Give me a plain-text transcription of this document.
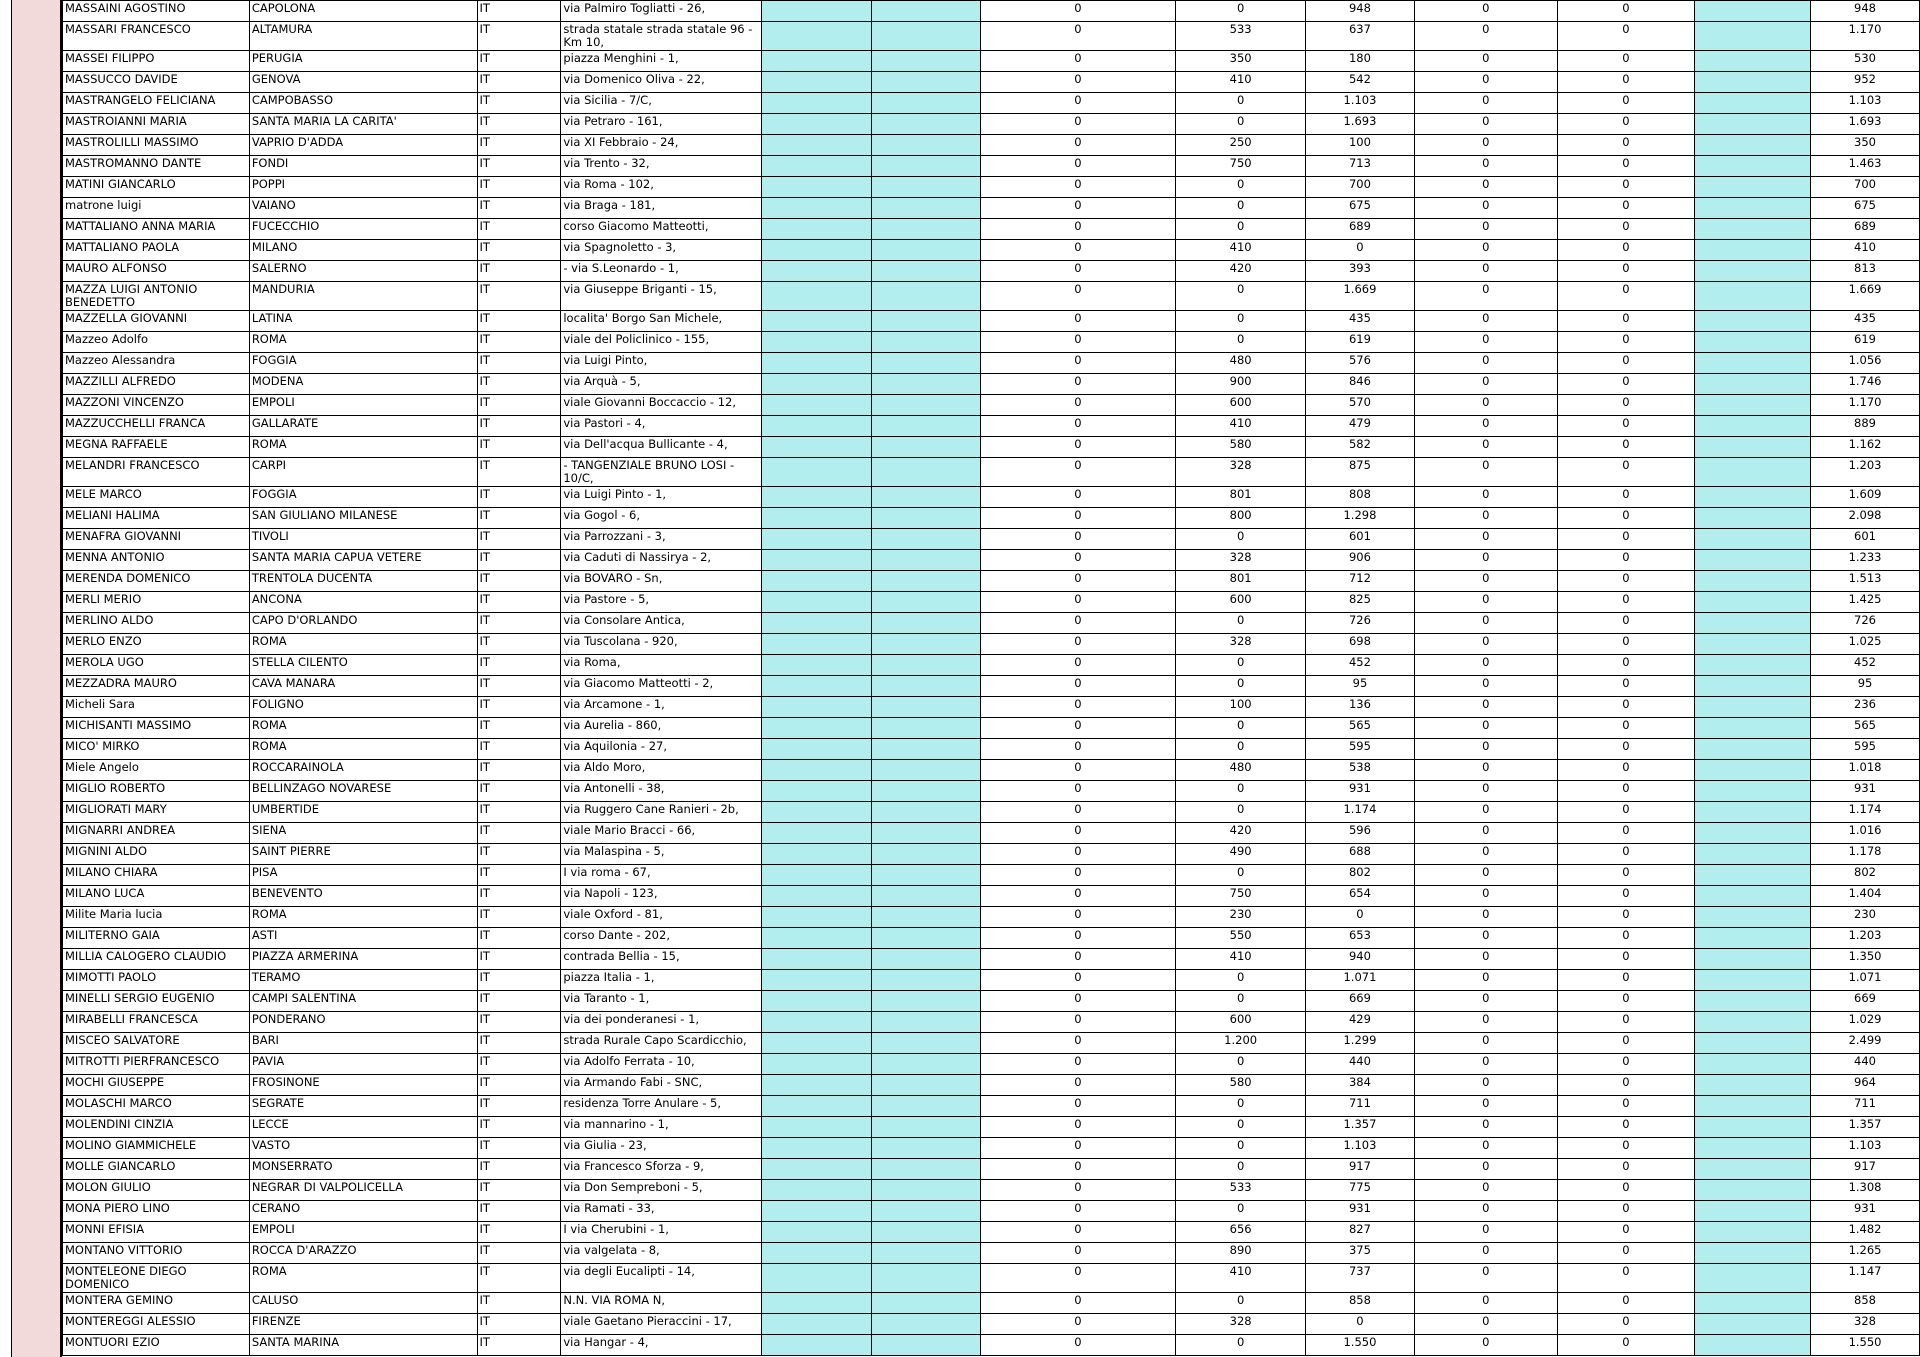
MASSAINI AGOSTINO	CAPOLONA	IT	via Palmiro Togliatti - 26,			0	0	948	0	0		948
MASSARI FRANCESCO	ALTAMURA	IT	strada statale strada statale 96 - Km 10,			0	533	637	0	0		1.170
MASSEI FILIPPO	PERUGIA	IT	piazza Menghini - 1,			0	350	180	0	0		530
MASSUCCO DAVIDE	GENOVA	IT	via Domenico Oliva - 22,			0	410	542	0	0		952
MASTRANGELO FELICIANA	CAMPOBASSO	IT	via Sicilia - 7/C,			0	0	1.103	0	0		1.103
MASTROIANNI MARIA	SANTA MARIA LA CARITA'	IT	via Petraro - 161,			0	0	1.693	0	0		1.693
MASTROLILLI MASSIMO	VAPRIO D'ADDA	IT	via XI Febbraio - 24,			0	250	100	0	0		350
MASTROMANNO DANTE	FONDI	IT	via Trento - 32,			0	750	713	0	0		1.463
MATINI GIANCARLO	POPPI	IT	via Roma - 102,			0	0	700	0	0		700
matrone luigi	VAIANO	IT	via Braga - 181,			0	0	675	0	0		675
MATTALIANO ANNA MARIA	FUCECCHIO	IT	corso Giacomo Matteotti,			0	0	689	0	0		689
MATTALIANO PAOLA	MILANO	IT	via Spagnoletto - 3,			0	410	0	0	0		410
MAURO ALFONSO	SALERNO	IT	- via S.Leonardo - 1,			0	420	393	0	0		813
MAZZA LUIGI ANTONIO BENEDETTO	MANDURIA	IT	via Giuseppe Briganti - 15,			0	0	1.669	0	0		1.669
MAZZELLA GIOVANNI	LATINA	IT	localita' Borgo San Michele,			0	0	435	0	0		435
Mazzeo Adolfo	ROMA	IT	viale del Policlinico - 155,			0	0	619	0	0		619
Mazzeo Alessandra	FOGGIA	IT	via Luigi Pinto,			0	480	576	0	0		1.056
MAZZILLI ALFREDO	MODENA	IT	via Arquà - 5,			0	900	846	0	0		1.746
MAZZONI VINCENZO	EMPOLI	IT	viale Giovanni Boccaccio - 12,			0	600	570	0	0		1.170
MAZZUCCHELLI FRANCA	GALLARATE	IT	via Pastori - 4,			0	410	479	0	0		889
MEGNA RAFFAELE	ROMA	IT	via Dell'acqua Bullicante - 4,			0	580	582	0	0		1.162
MELANDRI FRANCESCO	CARPI	IT	- TANGENZIALE BRUNO LOSI - 10/C,			0	328	875	0	0		1.203
MELE MARCO	FOGGIA	IT	via Luigi Pinto - 1,			0	801	808	0	0		1.609
MELIANI HALIMA	SAN GIULIANO MILANESE	IT	via Gogol - 6,			0	800	1.298	0	0		2.098
MENAFRA GIOVANNI	TIVOLI	IT	via Parrozzani - 3,			0	0	601	0	0		601
MENNA ANTONIO	SANTA MARIA CAPUA VETERE	IT	via Caduti di Nassirya - 2,			0	328	906	0	0		1.233
MERENDA DOMENICO	TRENTOLA DUCENTA	IT	via BOVARO - Sn,			0	801	712	0	0		1.513
MERLI MERIO	ANCONA	IT	via Pastore - 5,			0	600	825	0	0		1.425
MERLINO ALDO	CAPO D'ORLANDO	IT	via Consolare Antica,			0	0	726	0	0		726
MERLO ENZO	ROMA	IT	via Tuscolana - 920,			0	328	698	0	0		1.025
MEROLA UGO	STELLA CILENTO	IT	via Roma,			0	0	452	0	0		452
MEZZADRA MAURO	CAVA MANARA	IT	via Giacomo Matteotti - 2,			0	0	95	0	0		95
Micheli Sara	FOLIGNO	IT	via Arcamone - 1,			0	100	136	0	0		236
MICHISANTI MASSIMO	ROMA	IT	via Aurelia - 860,			0	0	565	0	0		565
MICO' MIRKO	ROMA	IT	via Aquilonia - 27,			0	0	595	0	0		595
Miele Angelo	ROCCARAINOLA	IT	via Aldo Moro,			0	480	538	0	0		1.018
MIGLIO ROBERTO	BELLINZAGO NOVARESE	IT	via Antonelli - 38,			0	0	931	0	0		931
MIGLIORATI MARY	UMBERTIDE	IT	via Ruggero Cane Ranieri - 2b,			0	0	1.174	0	0		1.174
MIGNARRI ANDREA	SIENA	IT	viale Mario Bracci - 66,			0	420	596	0	0		1.016
MIGNINI ALDO	SAINT PIERRE	IT	via Malaspina - 5,			0	490	688	0	0		1.178
MILANO CHIARA	PISA	IT	I via roma - 67,			0	0	802	0	0		802
MILANO LUCA	BENEVENTO	IT	via Napoli - 123,			0	750	654	0	0		1.404
Milite Maria lucia	ROMA	IT	viale Oxford - 81,			0	230	0	0	0		230
MILITERNO GAIA	ASTI	IT	corso Dante - 202,			0	550	653	0	0		1.203
MILLIA CALOGERO CLAUDIO	PIAZZA ARMERINA	IT	contrada Bellia - 15,			0	410	940	0	0		1.350
MIMOTTI PAOLO	TERAMO	IT	piazza Italia - 1,			0	0	1.071	0	0		1.071
MINELLI SERGIO EUGENIO	CAMPI SALENTINA	IT	via Taranto - 1,			0	0	669	0	0		669
MIRABELLI FRANCESCA	PONDERANO	IT	via dei ponderanesi - 1,			0	600	429	0	0		1.029
MISCEO SALVATORE	BARI	IT	strada Rurale Capo Scardicchio,			0	1.200	1.299	0	0		2.499
MITROTTI PIERFRANCESCO	PAVIA	IT	via Adolfo Ferrata - 10,			0	0	440	0	0		440
MOCHI GIUSEPPE	FROSINONE	IT	via Armando Fabi - SNC,			0	580	384	0	0		964
MOLASCHI MARCO	SEGRATE	IT	residenza Torre Anulare - 5,			0	0	711	0	0		711
MOLENDINI CINZIA	LECCE	IT	via mannarino - 1,			0	0	1.357	0	0		1.357
MOLINO GIAMMICHELE	VASTO	IT	via Giulia - 23,			0	0	1.103	0	0		1.103
MOLLE GIANCARLO	MONSERRATO	IT	via Francesco Sforza - 9,			0	0	917	0	0		917
MOLON GIULIO	NEGRAR DI VALPOLICELLA	IT	via Don Sempreboni - 5,			0	533	775	0	0		1.308
MONA PIERO LINO	CERANO	IT	via Ramati - 33,			0	0	931	0	0		931
MONNI EFISIA	EMPOLI	IT	I via Cherubini - 1,			0	656	827	0	0		1.482
MONTANO VITTORIO	ROCCA D'ARAZZO	IT	via valgelata - 8,			0	890	375	0	0		1.265
MONTELEONE DIEGO DOMENICO	ROMA	IT	via degli Eucalipti - 14,			0	410	737	0	0		1.147
MONTERA GEMINO	CALUSO	IT	N.N. VIA ROMA N,			0	0	858	0	0		858
MONTEREGGI ALESSIO	FIRENZE	IT	viale Gaetano Pieraccini - 17,			0	328	0	0	0		328
MONTUORI EZIO	SANTA MARINA	IT	via Hangar - 4,			0	0	1.550	0	0		1.550
